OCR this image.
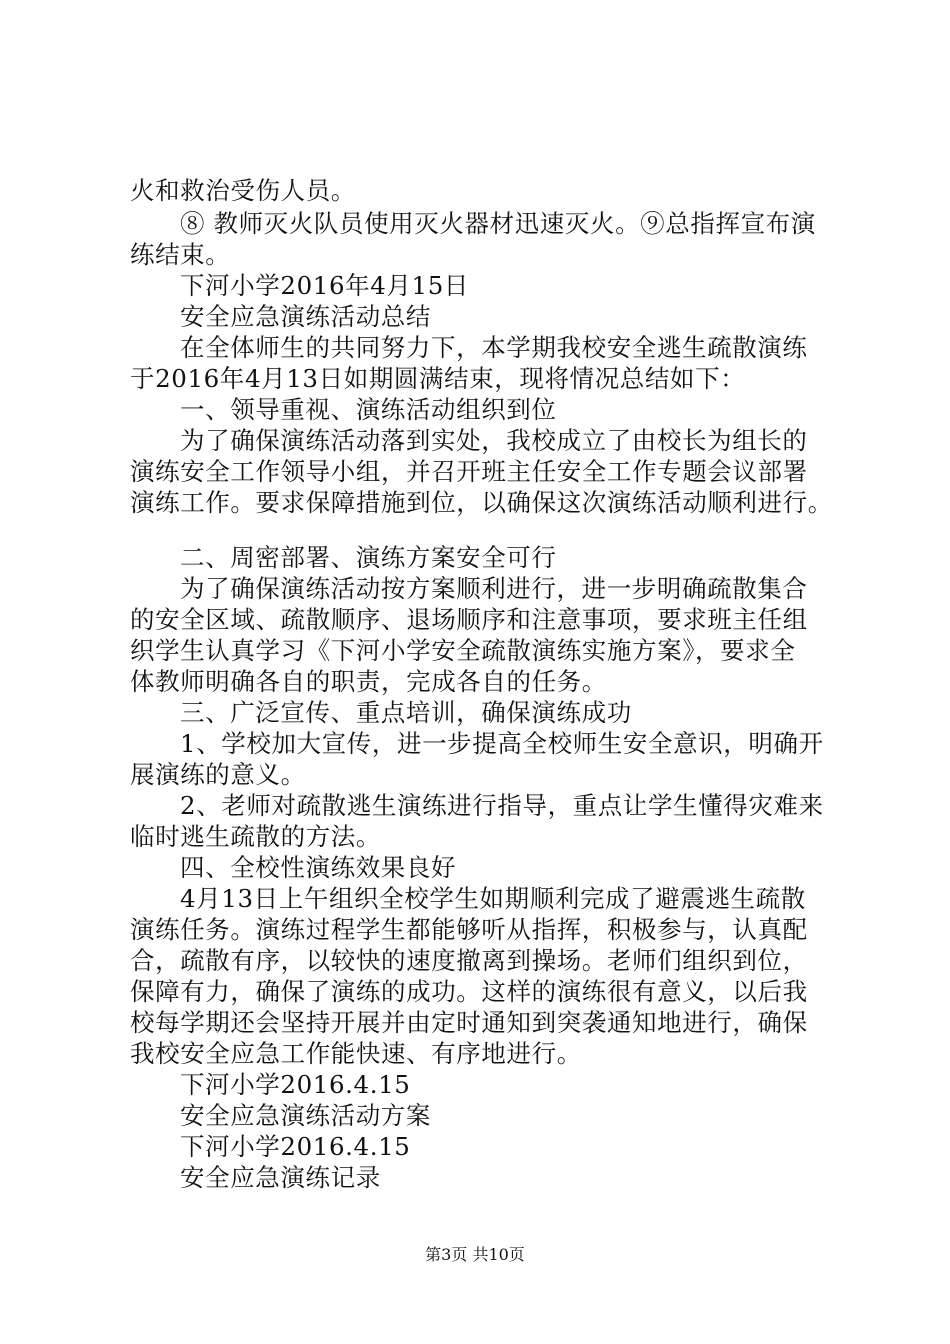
火和救治受伤人员。
⑧ 教师灭火队员使用灭火器材迅速灭火。⑨总指挥宣布演
练结束。
下河小学2016年4月15日
安全应急演练活动总结
在全体师生的共同努力下，本学期我校安全逃生疏散演练
于2016年4月13日如期圆满结束，现将情况总结如下：
一、领导重视、演练活动组织到位
为了确保演练活动落到实处，我校成立了由校长为组长的
演练安全工作领导小组，并召开班主任安全工作专题会议部署
演练工作。要求保障措施到位，以确保这次演练活动顺利进行。
二、周密部署、演练方案安全可行
为了确保演练活动按方案顺利进行，进一步明确疏散集合
的安全区域、疏散顺序、退场顺序和注意事项，要求班主任组
织学生认真学习《下河小学安全疏散演练实施方案》，要求全
体教师明确各自的职责，完成各自的任务。
三、广泛宣传、重点培训，确保演练成功
1、学校加大宣传，进一步提高全校师生安全意识，明确开
展演练的意义。
2、老师对疏散逃生演练进行指导，重点让学生懂得灾难来
临时逃生疏散的方法。
四、全校性演练效果良好
4月13日上午组织全校学生如期顺利完成了避震逃生疏散
演练任务。演练过程学生都能够听从指挥，积极参与，认真配
合，疏散有序，以较快的速度撤离到操场。老师们组织到位，
保障有力，确保了演练的成功。这样的演练很有意义，以后我
校每学期还会坚持开展并由定时通知到突袭通知地进行，确保
我校安全应急工作能快速、有序地进行。
下河小学2016.4.15
安全应急演练活动方案
下河小学2016.4.15
安全应急演练记录
第3页 共10页
